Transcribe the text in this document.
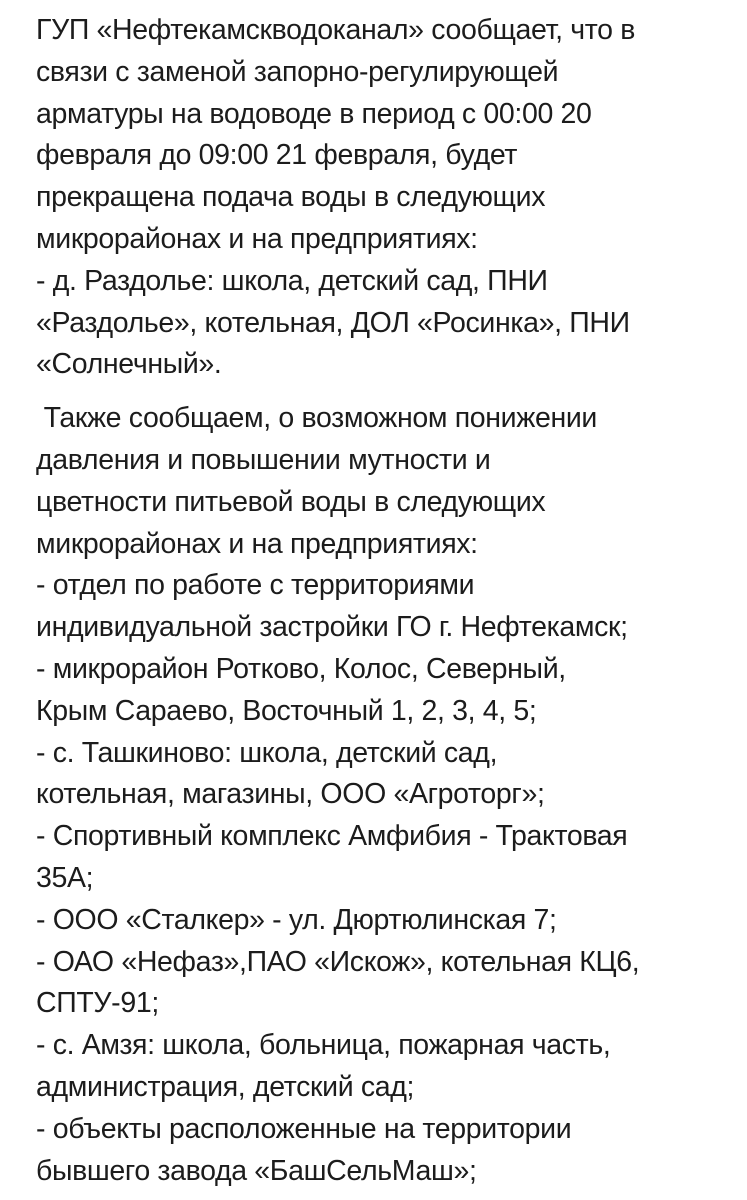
ГУП «Нефтекамскводоканал» сообщает, что в
связи с заменой запорно-регулирующей
арматуры на водоводе в период с 00:00 20
февраля до 09:00 21 февраля, будет
прекращена подача воды в следующих
микрорайонах и на предприятиях:
- д. Раздолье: школа, детский сад, ПНИ
«Раздолье», котельная, ДОЛ «Росинка», ПНИ
«Солнечный».

Также сообщаем, о возможном понижении
давления и повышении мутности и
цветности питьевой воды в следующих
микрорайонах и на предприятиях:
- отдел по работе с территориями
индивидуальной застройки ГО г. Нефтекамск;
- микрорайон Ротково, Колос, Северный,
Крым Сараево, Восточный 1, 2, 3, 4, 5;
- с. Ташкиново: школа, детский сад,
котельная, магазины, ООО «Агроторг»;
- Спортивный комплекс Амфибия - Трактовая
35А;
- ООО «Сталкер» - ул. Дюртюлинская 7;
- ОАО «Нефаз»,ПАО «Искож», котельная КЦ6,
СПТУ-91;
- с. Амзя: школа, больница, пожарная часть,
администрация, детский сад;
- объекты расположенные на территории
бывшего завода «БашСельМаш»;
